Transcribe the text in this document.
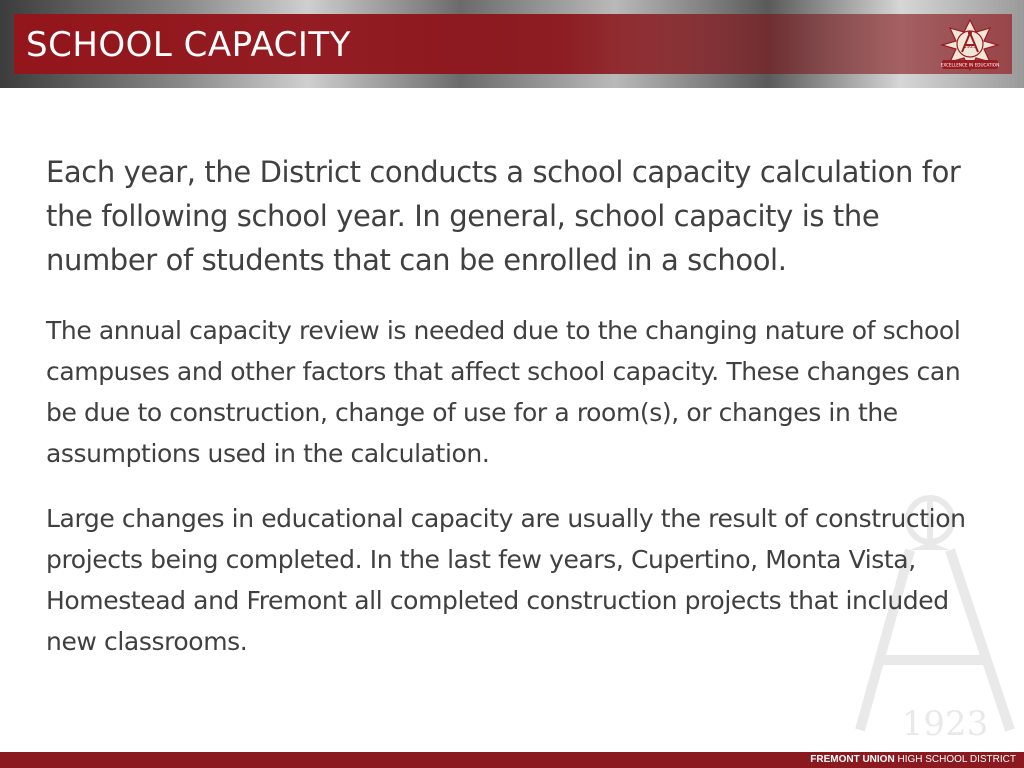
SCHOOL CAPACITY	1923
EXCELLENCE IN EDUCATION
1923

Each year, the District conducts a school capacity calculation for the following school year. In general, school capacity is the number of students that can be enrolled in a school.

The annual capacity review is needed due to the changing nature of school campuses and other factors that affect school capacity. These changes can be due to construction, change of use for a room(s), or changes in the assumptions used in the calculation.

Large changes in educational capacity are usually the result of construction projects being completed. In the last few years, Cupertino, Monta Vista, Homestead and Fremont all completed construction projects that included new classrooms.

FREMONT UNION HIGH SCHOOL DISTRICT
